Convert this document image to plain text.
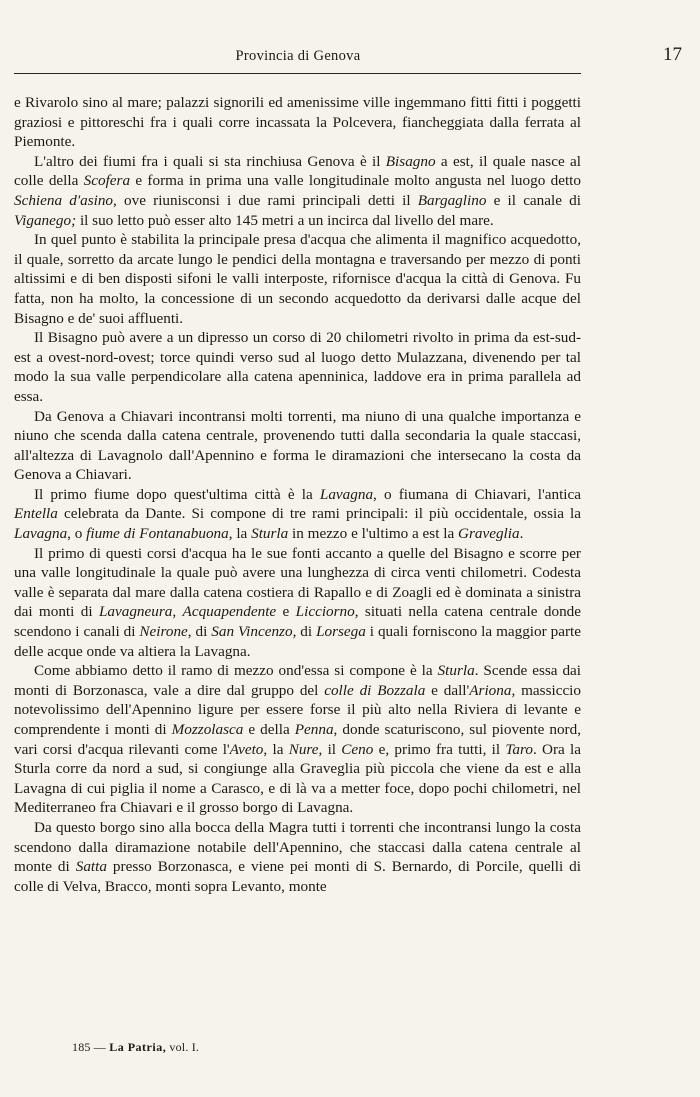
Provincia di Genova	17

e Rivarolo sino al mare; palazzi signorili ed amenissime ville ingemmano fitti fitti i poggetti graziosi e pittoreschi fra i quali corre incassata la Polcevera, fiancheggiata dalla ferrata al Piemonte.

L'altro dei fiumi fra i quali si sta rinchiusa Genova è il Bisagno a est, il quale nasce al colle della Scofera e forma in prima una valle longitudinale molto angusta nel luogo detto Schiena d'asino, ove riunisconsi i due rami principali detti il Bargaglino e il canale di Viganego; il suo letto può esser alto 145 metri a un incirca dal livello del mare.

In quel punto è stabilita la principale presa d'acqua che alimenta il magnifico acquedotto, il quale, sorretto da arcate lungo le pendici della montagna e traversando per mezzo di ponti altissimi e di ben disposti sifoni le valli interposte, rifornisce d'acqua la città di Genova. Fu fatta, non ha molto, la concessione di un secondo acquedotto da derivarsi dalle acque del Bisagno e de' suoi affluenti.

Il Bisagno può avere a un dipresso un corso di 20 chilometri rivolto in prima da est-sud-est a ovest-nord-ovest; torce quindi verso sud al luogo detto Mulazzana, divenendo per tal modo la sua valle perpendicolare alla catena apenninica, laddove era in prima parallela ad essa.

Da Genova a Chiavari incontransi molti torrenti, ma niuno di una qualche importanza e niuno che scenda dalla catena centrale, provenendo tutti dalla secondaria la quale staccasi, all'altezza di Lavagnolo dall'Apennino e forma le diramazioni che intersecano la costa da Genova a Chiavari.

Il primo fiume dopo quest'ultima città è la Lavagna, o fiumana di Chiavari, l'antica Entella celebrata da Dante. Si compone di tre rami principali: il più occidentale, ossia la Lavagna, o fiume di Fontanabuona, la Sturla in mezzo e l'ultimo a est la Graveglia.

Il primo di questi corsi d'acqua ha le sue fonti accanto a quelle del Bisagno e scorre per una valle longitudinale la quale può avere una lunghezza di circa venti chilometri. Codesta valle è separata dal mare dalla catena costiera di Rapallo e di Zoagli ed è dominata a sinistra dai monti di Lavagneura, Acquapendente e Licciorno, situati nella catena centrale donde scendono i canali di Neirone, di San Vincenzo, di Lorsega i quali forniscono la maggior parte delle acque onde va altiera la Lavagna.

Come abbiamo detto il ramo di mezzo ond'essa si compone è la Sturla. Scende essa dai monti di Borzonasca, vale a dire dal gruppo del colle di Bozzala e dall'Ariona, massiccio notevolissimo dell'Apennino ligure per essere forse il più alto nella Riviera di levante e comprendente i monti di Mozzolasca e della Penna, donde scaturiscono, sul piovente nord, vari corsi d'acqua rilevanti come l'Aveto, la Nure, il Ceno e, primo fra tutti, il Taro. Ora la Sturla corre da nord a sud, si congiunge alla Graveglia più piccola che viene da est e alla Lavagna di cui piglia il nome a Carasco, e di là va a metter foce, dopo pochi chilometri, nel Mediterraneo fra Chiavari e il grosso borgo di Lavagna.

Da questo borgo sino alla bocca della Magra tutti i torrenti che incontransi lungo la costa scendono dalla diramazione notabile dell'Apennino, che staccasi dalla catena centrale al monte di Satta presso Borzonasca, e viene pei monti di S. Bernardo, di Porcile, quelli di colle di Velva, Bracco, monti sopra Levanto, monte

185 — La Patria, vol. I.
